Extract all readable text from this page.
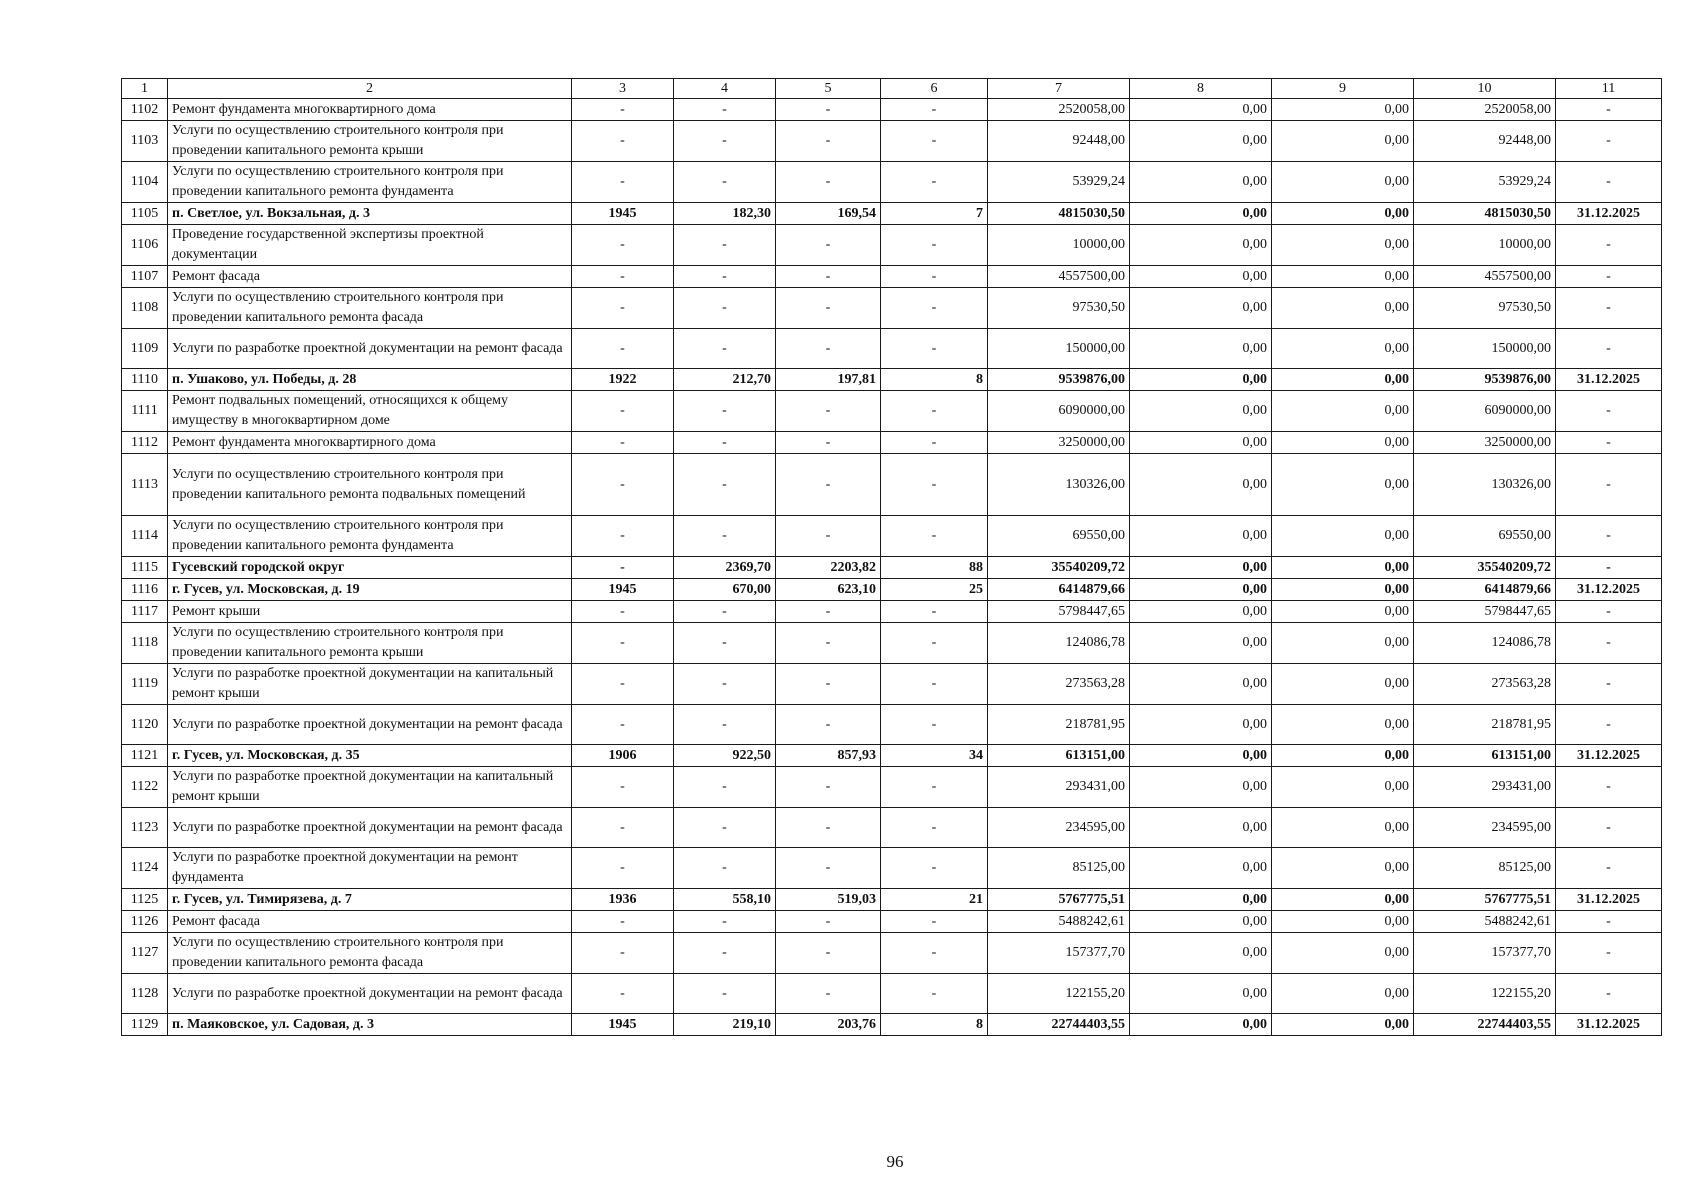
1	2	3	4	5	6	7	8	9	10	11
1102	Ремонт фундамента многоквартирного дома	-	-	-	-	2520058,00	0,00	0,00	2520058,00	-
1103	Услуги по осуществлению строительного контроля при проведении капитального ремонта крыши	-	-	-	-	92448,00	0,00	0,00	92448,00	-
1104	Услуги по осуществлению строительного контроля при проведении капитального ремонта фундамента	-	-	-	-	53929,24	0,00	0,00	53929,24	-
1105	п. Светлое, ул. Вокзальная, д. 3	1945	182,30	169,54	7	4815030,50	0,00	0,00	4815030,50	31.12.2025
1106	Проведение государственной экспертизы проектной документации	-	-	-	-	10000,00	0,00	0,00	10000,00	-
1107	Ремонт фасада	-	-	-	-	4557500,00	0,00	0,00	4557500,00	-
1108	Услуги по осуществлению строительного контроля при проведении капитального ремонта фасада	-	-	-	-	97530,50	0,00	0,00	97530,50	-
1109	Услуги по разработке проектной документации на ремонт фасада	-	-	-	-	150000,00	0,00	0,00	150000,00	-
1110	п. Ушаково, ул. Победы, д. 28	1922	212,70	197,81	8	9539876,00	0,00	0,00	9539876,00	31.12.2025
1111	Ремонт подвальных помещений, относящихся к общему имуществу в многоквартирном доме	-	-	-	-	6090000,00	0,00	0,00	6090000,00	-
1112	Ремонт фундамента многоквартирного дома	-	-	-	-	3250000,00	0,00	0,00	3250000,00	-
1113	Услуги по осуществлению строительного контроля при проведении капитального ремонта подвальных помещений	-	-	-	-	130326,00	0,00	0,00	130326,00	-
1114	Услуги по осуществлению строительного контроля при проведении капитального ремонта фундамента	-	-	-	-	69550,00	0,00	0,00	69550,00	-
1115	Гусевский городской округ	-	2369,70	2203,82	88	35540209,72	0,00	0,00	35540209,72	-
1116	г. Гусев, ул. Московская, д. 19	1945	670,00	623,10	25	6414879,66	0,00	0,00	6414879,66	31.12.2025
1117	Ремонт крыши	-	-	-	-	5798447,65	0,00	0,00	5798447,65	-
1118	Услуги по осуществлению строительного контроля при проведении капитального ремонта крыши	-	-	-	-	124086,78	0,00	0,00	124086,78	-
1119	Услуги по разработке проектной документации на капитальный ремонт крыши	-	-	-	-	273563,28	0,00	0,00	273563,28	-
1120	Услуги по разработке проектной документации на ремонт фасада	-	-	-	-	218781,95	0,00	0,00	218781,95	-
1121	г. Гусев, ул. Московская, д. 35	1906	922,50	857,93	34	613151,00	0,00	0,00	613151,00	31.12.2025
1122	Услуги по разработке проектной документации на капитальный ремонт крыши	-	-	-	-	293431,00	0,00	0,00	293431,00	-
1123	Услуги по разработке проектной документации на ремонт фасада	-	-	-	-	234595,00	0,00	0,00	234595,00	-
1124	Услуги по разработке проектной документации на ремонт фундамента	-	-	-	-	85125,00	0,00	0,00	85125,00	-
1125	г. Гусев, ул. Тимирязева, д. 7	1936	558,10	519,03	21	5767775,51	0,00	0,00	5767775,51	31.12.2025
1126	Ремонт фасада	-	-	-	-	5488242,61	0,00	0,00	5488242,61	-
1127	Услуги по осуществлению строительного контроля при проведении капитального ремонта фасада	-	-	-	-	157377,70	0,00	0,00	157377,70	-
1128	Услуги по разработке проектной документации на ремонт фасада	-	-	-	-	122155,20	0,00	0,00	122155,20	-
1129	п. Маяковское, ул. Садовая, д. 3	1945	219,10	203,76	8	22744403,55	0,00	0,00	22744403,55	31.12.2025
96
